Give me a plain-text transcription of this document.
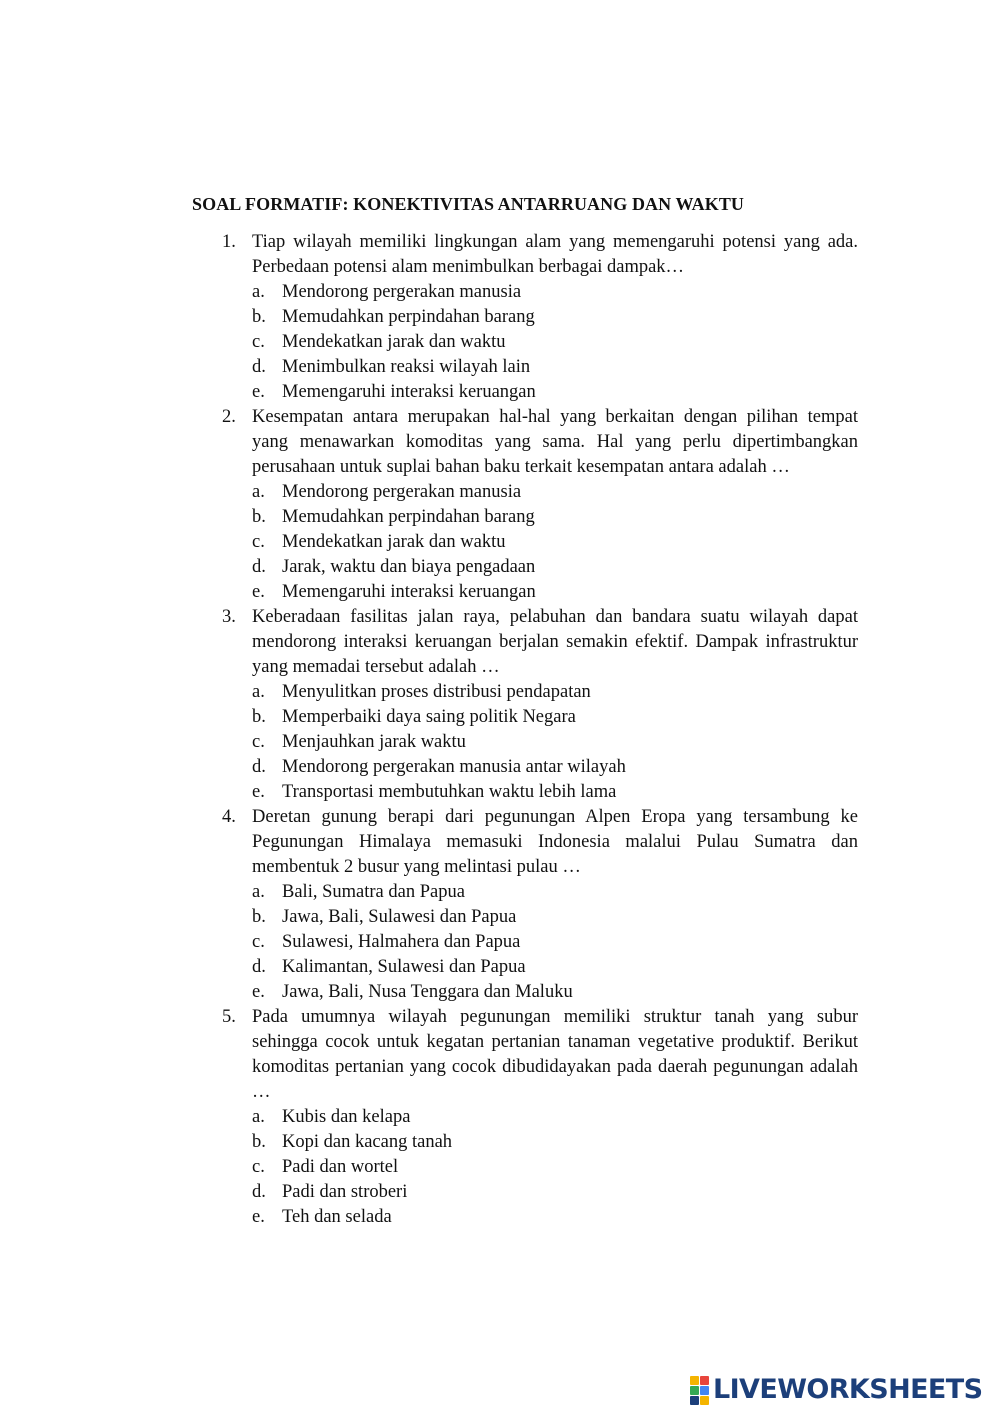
SOAL FORMATIF: KONEKTIVITAS ANTARRUANG DAN WAKTU
1. Tiap wilayah memiliki lingkungan alam yang memengaruhi potensi yang ada. Perbedaan potensi alam menimbulkan berbagai dampak…
a. Mendorong pergerakan manusia
b. Memudahkan perpindahan barang
c. Mendekatkan jarak dan waktu
d. Menimbulkan reaksi wilayah lain
e. Memengaruhi interaksi keruangan
2. Kesempatan antara merupakan hal-hal yang berkaitan dengan pilihan tempat yang menawarkan komoditas yang sama. Hal yang perlu dipertimbangkan perusahaan untuk suplai bahan baku terkait kesempatan antara adalah …
a. Mendorong pergerakan manusia
b. Memudahkan perpindahan barang
c. Mendekatkan jarak dan waktu
d. Jarak, waktu dan biaya pengadaan
e. Memengaruhi interaksi keruangan
3. Keberadaan fasilitas jalan raya, pelabuhan dan bandara suatu wilayah dapat mendorong interaksi keruangan berjalan semakin efektif. Dampak infrastruktur yang memadai tersebut adalah …
a. Menyulitkan proses distribusi pendapatan
b. Memperbaiki daya saing politik Negara
c. Menjauhkan jarak waktu
d. Mendorong pergerakan manusia antar wilayah
e. Transportasi membutuhkan waktu lebih lama
4. Deretan gunung berapi dari pegunungan Alpen Eropa yang tersambung ke Pegunungan Himalaya memasuki Indonesia malalui Pulau Sumatra dan membentuk 2 busur yang melintasi pulau …
a. Bali, Sumatra dan Papua
b. Jawa, Bali, Sulawesi dan Papua
c. Sulawesi, Halmahera dan Papua
d. Kalimantan, Sulawesi dan Papua
e. Jawa, Bali, Nusa Tenggara dan Maluku
5. Pada umumnya wilayah pegunungan memiliki struktur tanah yang subur sehingga cocok untuk kegatan pertanian tanaman vegetative produktif. Berikut komoditas pertanian yang cocok dibudidayakan pada daerah pegunungan adalah …
a. Kubis dan kelapa
b. Kopi dan kacang tanah
c. Padi dan wortel
d. Padi dan stroberi
e. Teh dan selada
LIVEWORKSHEETS
